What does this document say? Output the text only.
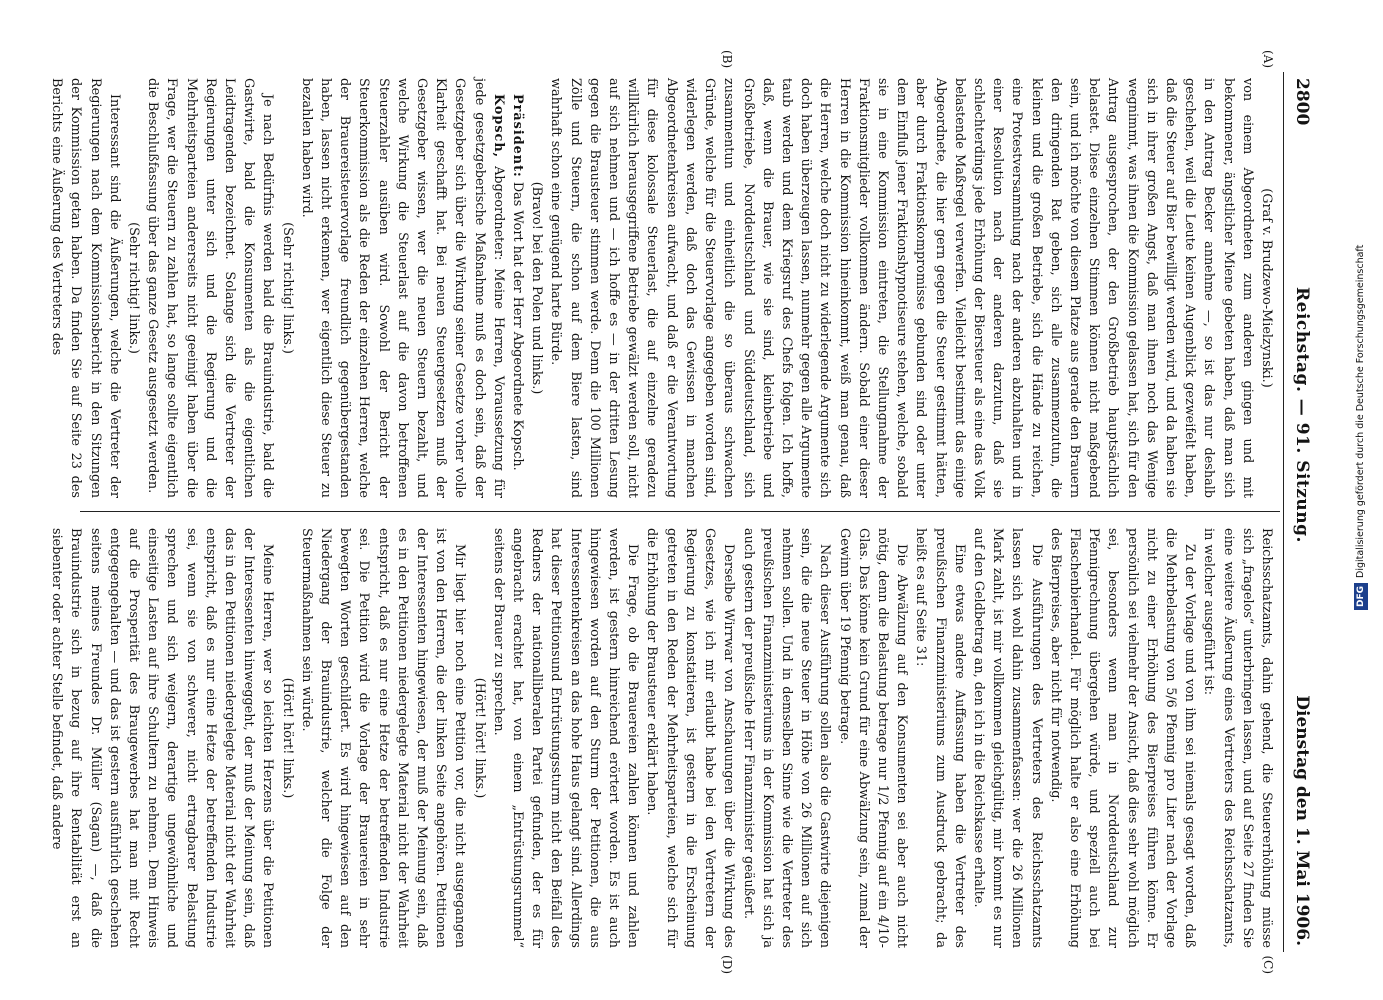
2800
Reichstag. — 91. Sitzung.
Dienstag den 1. Mai 1906.
(A)
(B)
(C)
(D)

(Graf v. Brudzewo-Mielzynski.)

von einem Abgeordneten zum anderen gingen und mit bekommener, ängstlicher Miene gebeten haben, daß man sich in den Antrag Becker annehme —, so ist das nur deshalb geschehen, weil die Leute keinen Augenblick gezweifelt haben, daß die Steuer auf Bier bewilligt werden wird, und da haben sie sich in ihrer großen Angst, daß man ihnen noch das Wenige wegnimmt, was ihnen die Kommission gelassen hat, sich für den Antrag ausgesprochen, der den Großbetrieb hauptsächlich belastet. Diese einzelnen Stimmen können nicht maßgebend sein, und ich möchte von diesem Platze aus gerade den Brauern den dringenden Rat geben, sich alle zusammenzutun, die kleinen und die großen Betriebe, sich die Hände zu reichen, eine Protestversammlung nach der anderen abzuhalten und in einer Resolution nach der anderen darzutun, daß sie schlechterdings jede Erhöhung der Biersteuer als eine das Volk belastende Maßregel verwerfen. Vielleicht bestimmt das einige Abgeordnete, die hier gern gegen die Steuer gestimmt hätten, aber durch Fraktionskompromisse gebunden sind oder unter dem Einfluß jener Fraktionshypnotiseure stehen, welche, sobald sie in eine Kommission eintreten, die Stellungnahme der Fraktionsmitglieder vollkommen ändern. Sobald einer dieser Herren in die Kommission hineinkommt, weiß man genau, daß die Herren, welche doch nicht zu widerlegende Argumente sich doch haben überzeugen lassen, nunmehr gegen alle Argumente taub werden und dem Kriegsruf des Chefs folgen. Ich hoffe, daß, wenn die Brauer, wie sie sind, kleinbetriebe und Großbetriebe, Norddeutschland und Süddeutschland, sich zusammentun und einheitlich die so überaus schwachen Gründe, welche für die Steuervorlage angegeben worden sind, widerlegen werden, daß doch das Gewissen in manchen Abgeordnetenkreisen aufwacht, und daß er die Verantwortung für diese kolossale Steuerlast, die auf einzelne geradezu willkürlich herausgegriffene Betriebe gewälzt werden soll, nicht auf sich nehmen und — ich hoffe es — in der dritten Lesung gegen die Brausteuer stimmen werde. Denn die 100 Millionen Zölle und Steuern, die schon auf dem Biere lasten, sind wahrhaft schon eine genügend harte Bürde.

(Bravo! bei den Polen und links.)

Präsident: Das Wort hat der Herr Abgeordnete Kopsch.

Kopsch, Abgeordneter: Meine Herren, Voraussetzung für jede gesetzgeberische Maßnahme muß es doch sein, daß der Gesetzgeber sich über die Wirkung seiner Gesetze vorher volle Klarheit geschafft hat. Bei neuen Steuergesetzen muß der Gesetzgeber wissen, wer die neuen Steuern bezahlt, und welche Wirkung die Steuerlast auf die davon betroffenen Steuerzahler ausüben wird. Sowohl der Bericht der Steuerkommission als die Reden der einzelnen Herren, welche der Brauereisteuervorlage freundlich gegenübergestanden haben, lassen nicht erkennen, wer eigentlich diese Steuer zu bezahlen haben wird.

(Sehr richtig! links.)

Je nach Bedürfnis werden bald die Brauindustrie, bald die Gastwirte, bald die Konsumenten als die eigentlichen Leidtragenden bezeichnet. Solange sich die Vertreter der Regierungen unter sich und die Regierung und die Mehrheitsparteien andererseits nicht geeinigt haben über die Frage, wer die Steuern zu zahlen hat, so lange sollte eigentlich die Beschlußfassung über das ganze Gesetz ausgesetzt werden.

(Sehr richtig! links.)

Interessant sind die Äußerungen, welche die Vertreter der Regierungen nach dem Kommissionsbericht in den Sitzungen der Kommission getan haben. Da finden Sie auf Seite 23 des Berichts eine Äußerung des Vertreters des

Reichsschatzamts, dahin gehend, die Steuererhöhung müsse sich „fragelos“ unterbringen lassen, und auf Seite 27 finden Sie eine weitere Äußerung eines Vertreters des Reichsschatzamts, in welcher ausgeführt ist:

Zu der Vorlage und von ihm sei niemals gesagt worden, daß die Mehrbelastung von 5/6 Pfennig pro Liter nach der Vorlage nicht zu einer Erhöhung des Bierpreises führen könne. Er persönlich sei vielmehr der Ansicht, daß dies sehr wohl möglich sei, besonders wenn man in Norddeutschland zur Pfennigrechnung übergehen würde, und speziell auch bei Flaschenbierhandel. Für möglich halte er also eine Erhöhung des Bierpreises, aber nicht für notwendig.

Die Ausführungen des Vertreters des Reichsschatzamts lassen sich wohl dahin zusammenfassen: wer die 26 Millionen Mark zahlt, ist mir vollkommen gleichgültig, mir kommt es nur auf den Geldbetrag an, den ich in die Reichskasse erhalte.

Eine etwas andere Auffassung haben die Vertreter des preußischen Finanzministeriums zum Ausdruck gebracht; da heißt es auf Seite 31:

Die Abwälzung auf den Konsumenten sei aber auch nicht nötig, denn die Belastung betrage nur 1/2 Pfennig auf ein 4/10-Glas. Das könne kein Grund für eine Abwälzung sein, zumal der Gewinn über 19 Pfennig betrage.

Nach dieser Ausführung sollen also die Gastwirte diejenigen sein, die die neue Steuer in Höhe von 26 Millionen auf sich nehmen sollen. Und in demselben Sinne wie die Vertreter des preußischen Finanzministeriums in der Kommission hat sich ja auch gestern der preußische Herr Finanzminister geäußert.

Derselbe Wirrwar von Anschauungen über die Wirkung des Gesetzes, wie ich mir erlaubt habe bei den Vertretern der Regierung zu konstatieren, ist gestern in die Erscheinung getreten in den Reden der Mehrheitsparteien, welche sich für die Erhöhung der Brausteuer erklärt haben.

Die Frage, ob die Brauereien zahlen können und zahlen werden, ist gestern hinreichend erörtert worden. Es ist auch hingewiesen worden auf den Sturm der Petitionen, die aus Interessentenkreisen an das hohe Haus gelangt sind. Allerdings hat dieser Petitionsund Entrüstungssturm nicht den Beifall des Redners der nationalliberalen Partei gefunden, der es für angebracht erachtet hat, von einem „Entrüstungsrummel“ seitens der Brauer zu sprechen.

(Hört! hört! links.)

Mir liegt hier noch eine Petition vor, die nicht ausgegangen ist von den Herren, die der linken Seite angehören. Petitionen der Interessenten hingewiesen, der muß der Meinung sein, daß es in den Petitionen niedergelegte Material nicht der Wahrheit entspricht, daß es nur eine Hetze der betreffenden Industrie sei. Die Petition wird die Vorlage der Brauereien in sehr bewegten Worten geschildert. Es wird hingewiesen auf den Niedergang der Brauindustrie, welcher die Folge der Steuermaßnahmen sein würde.

(Hört! hört! links.)

Meine Herren, wer so leichten Herzens über die Petitionen der Interessenten hinweggeht, der muß der Meinung sein, daß das in den Petitionen niedergelegte Material nicht der Wahrheit entspricht, daß es nur eine Hetze der betreffenden Industrie sei, wenn sie von schwerer, nicht ertragbarer Belastung sprechen und sich weigern, derartige ungewöhnliche und einseitige Lasten auf ihre Schultern zu nehmen. Dem Hinweis auf die Prosperität des Braugewerbes hat man mit Recht entgegengehalten — und das ist gestern ausführlich geschehen seitens meines Freundes Dr. Müller (Sagan) —, daß die Brauindustrie sich in bezug auf ihre Rentabilität erst an siebenter oder achter Stelle befindet, daß andere	DFGDigitalisierung gefördert durch die Deutsche Forschungsgemeinschaft
